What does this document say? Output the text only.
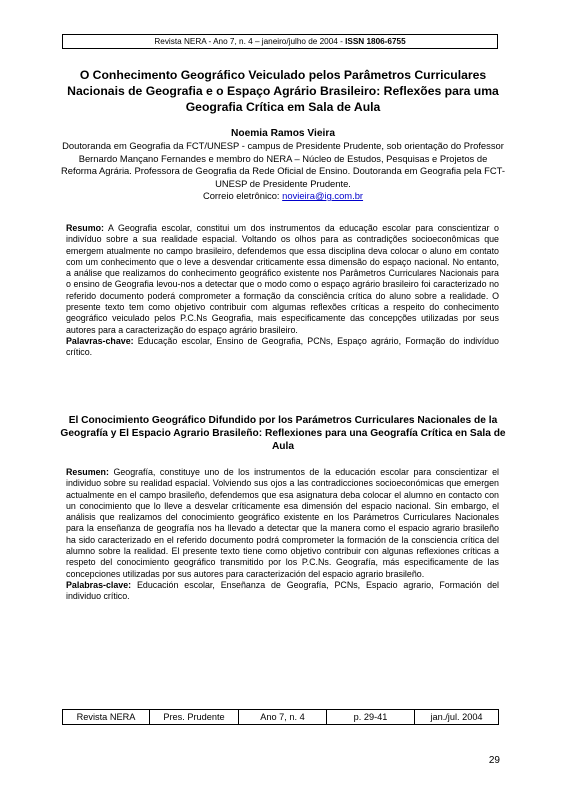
Revista NERA - Ano 7, n. 4 – janeiro/julho de 2004 - ISSN 1806-6755
O Conhecimento Geográfico Veiculado pelos Parâmetros Curriculares Nacionais de Geografia e o Espaço Agrário Brasileiro: Reflexões para uma Geografia Crítica em Sala de Aula
Noemia Ramos Vieira
Doutoranda em Geografia da FCT/UNESP - campus de Presidente Prudente, sob orientação do Professor Bernardo Mançano Fernandes e membro do NERA – Núcleo de Estudos, Pesquisas e Projetos de Reforma Agrária. Professora de Geografia da Rede Oficial de Ensino. Doutoranda em Geografia pela FCT-UNESP de Presidente Prudente.
Correio eletrônico: novieira@ig.com.br
Resumo: A Geografia escolar, constitui um dos instrumentos da educação escolar para conscientizar o indivíduo sobre a sua realidade espacial. Voltando os olhos para as contradições socioeconômicas que emergem atualmente no campo brasileiro, defendemos que essa disciplina deva colocar o aluno em contato com um conhecimento que o leve a desvendar criticamente essa dimensão do espaço nacional. No entanto, a análise que realizamos do conhecimento geográfico existente nos Parâmetros Curriculares Nacionais para o ensino de Geografia levou-nos a detectar que o modo como o espaço agrário brasileiro foi caracterizado no referido documento poderá comprometer a formação da consciência crítica do aluno sobre a realidade. O presente texto tem como objetivo contribuir com algumas reflexões críticas a respeito do conhecimento geográfico veiculado pelos P.C.Ns Geografia, mais especificamente das concepções utilizadas por seus autores para a caracterização do espaço agrário brasileiro.
Palavras-chave: Educação escolar, Ensino de Geografia, PCNs, Espaço agrário, Formação do indivíduo crítico.
El Conocimiento Geográfico Difundido por los Parámetros Curriculares Nacionales de la Geografía y El Espacio Agrario Brasileño: Reflexiones para una Geografía Crítica en Sala de Aula
Resumen: Geografía, constituye uno de los instrumentos de la educación escolar para conscientizar el individuo sobre su realidad espacial. Volviendo sus ojos a las contradicciones socioeconómicas que emergen actualmente en el campo brasileño, defendemos que esa asignatura deba colocar el alumno en contacto con un conocimiento que lo lleve a desvelar críticamente esa dimensión del espacio nacional. Sin embargo, el análisis que realizamos del conocimiento geográfico existente en los Parámetros Curriculares Nacionales para la enseñanza de geografía nos ha llevado a detectar que la manera como el espacio agrario brasileño ha sido caracterizado en el referido documento podrá comprometer la formación de la consciencia crítica del alumno sobre la realidad. El presente texto tiene como objetivo contribuir con algunas reflexiones críticas a respeto del conocimiento geográfico transmitido por los P.C.Ns. Geografía, más especificamente de las concepciones utilizadas por sus autores para caracterización del espacio agrario brasileño.
Palabras-clave: Educación escolar, Enseñanza de Geografía, PCNs, Espacio agrario, Formación del individuo crítico.
Revista NERA	Pres. Prudente	Ano 7, n. 4	p. 29-41	jan./jul. 2004
29
